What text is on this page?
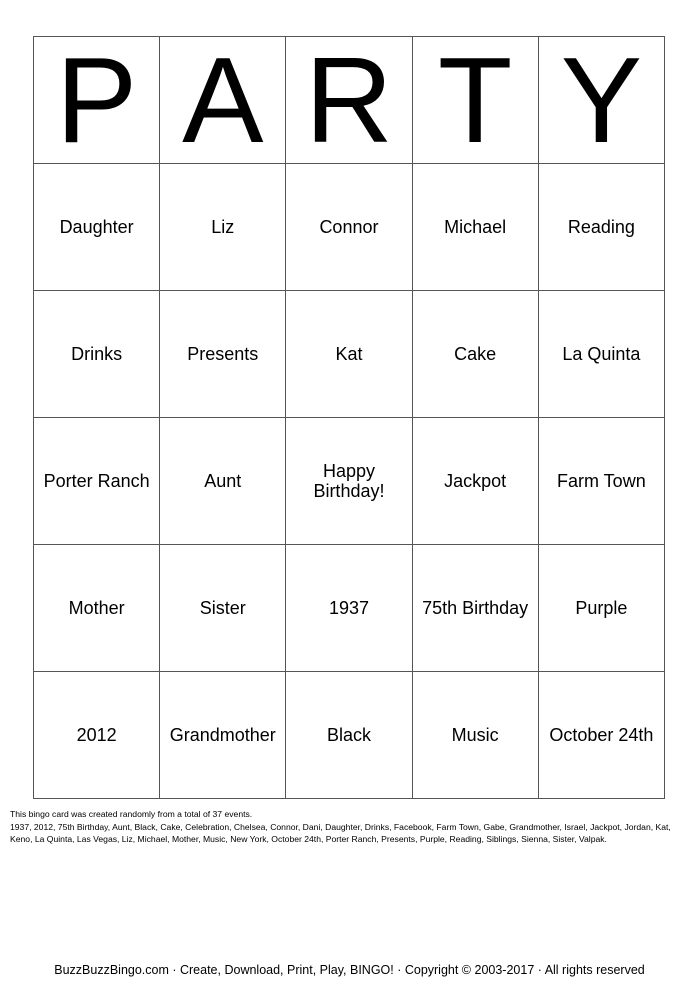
P	A	R	T	Y
Daughter	Liz	Connor	Michael	Reading
Drinks	Presents	Kat	Cake	La Quinta
Porter Ranch	Aunt	Happy Birthday!	Jackpot	Farm Town
Mother	Sister	1937	75th Birthday	Purple
2012	Grandmother	Black	Music	October 24th
This bingo card was created randomly from a total of 37 events.
1937, 2012, 75th Birthday, Aunt, Black, Cake, Celebration, Chelsea, Connor, Dani, Daughter, Drinks, Facebook, Farm Town, Gabe, Grandmother, Israel, Jackpot, Jordan, Kat, Keno, La Quinta, Las Vegas, Liz, Michael, Mother, Music, New York, October 24th, Porter Ranch, Presents, Purple, Reading, Siblings, Sienna, Sister, Valpak.
BuzzBuzzBingo.com · Create, Download, Print, Play, BINGO! · Copyright © 2003-2017 · All rights reserved
